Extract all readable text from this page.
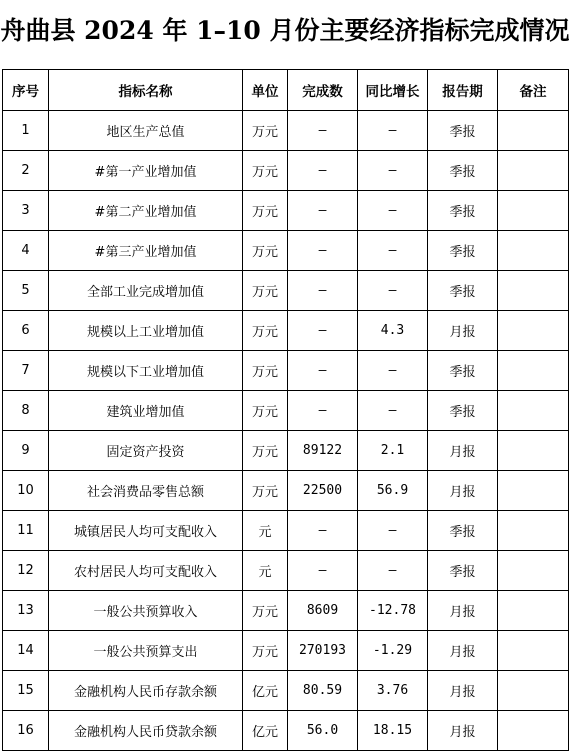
舟曲县 2024 年 1–10 月份主要经济指标完成情况
序号	指标名称	单位	完成数	同比增长	报告期	备注
1	地区生产总值	万元	–	–	季报	
2	#第一产业增加值	万元	–	–	季报	
3	#第二产业增加值	万元	–	–	季报	
4	#第三产业增加值	万元	–	–	季报	
5	全部工业完成增加值	万元	–	–	季报	
6	规模以上工业增加值	万元	–	4.3	月报	
7	规模以下工业增加值	万元	–	–	季报	
8	建筑业增加值	万元	–	–	季报	
9	固定资产投资	万元	89122	2.1	月报	
10	社会消费品零售总额	万元	22500	56.9	月报	
11	城镇居民人均可支配收入	元	–	–	季报	
12	农村居民人均可支配收入	元	–	–	季报	
13	一般公共预算收入	万元	8609	-12.78	月报	
14	一般公共预算支出	万元	270193	-1.29	月报	
15	金融机构人民币存款余额	亿元	80.59	3.76	月报	
16	金融机构人民币贷款余额	亿元	56.0	18.15	月报	
